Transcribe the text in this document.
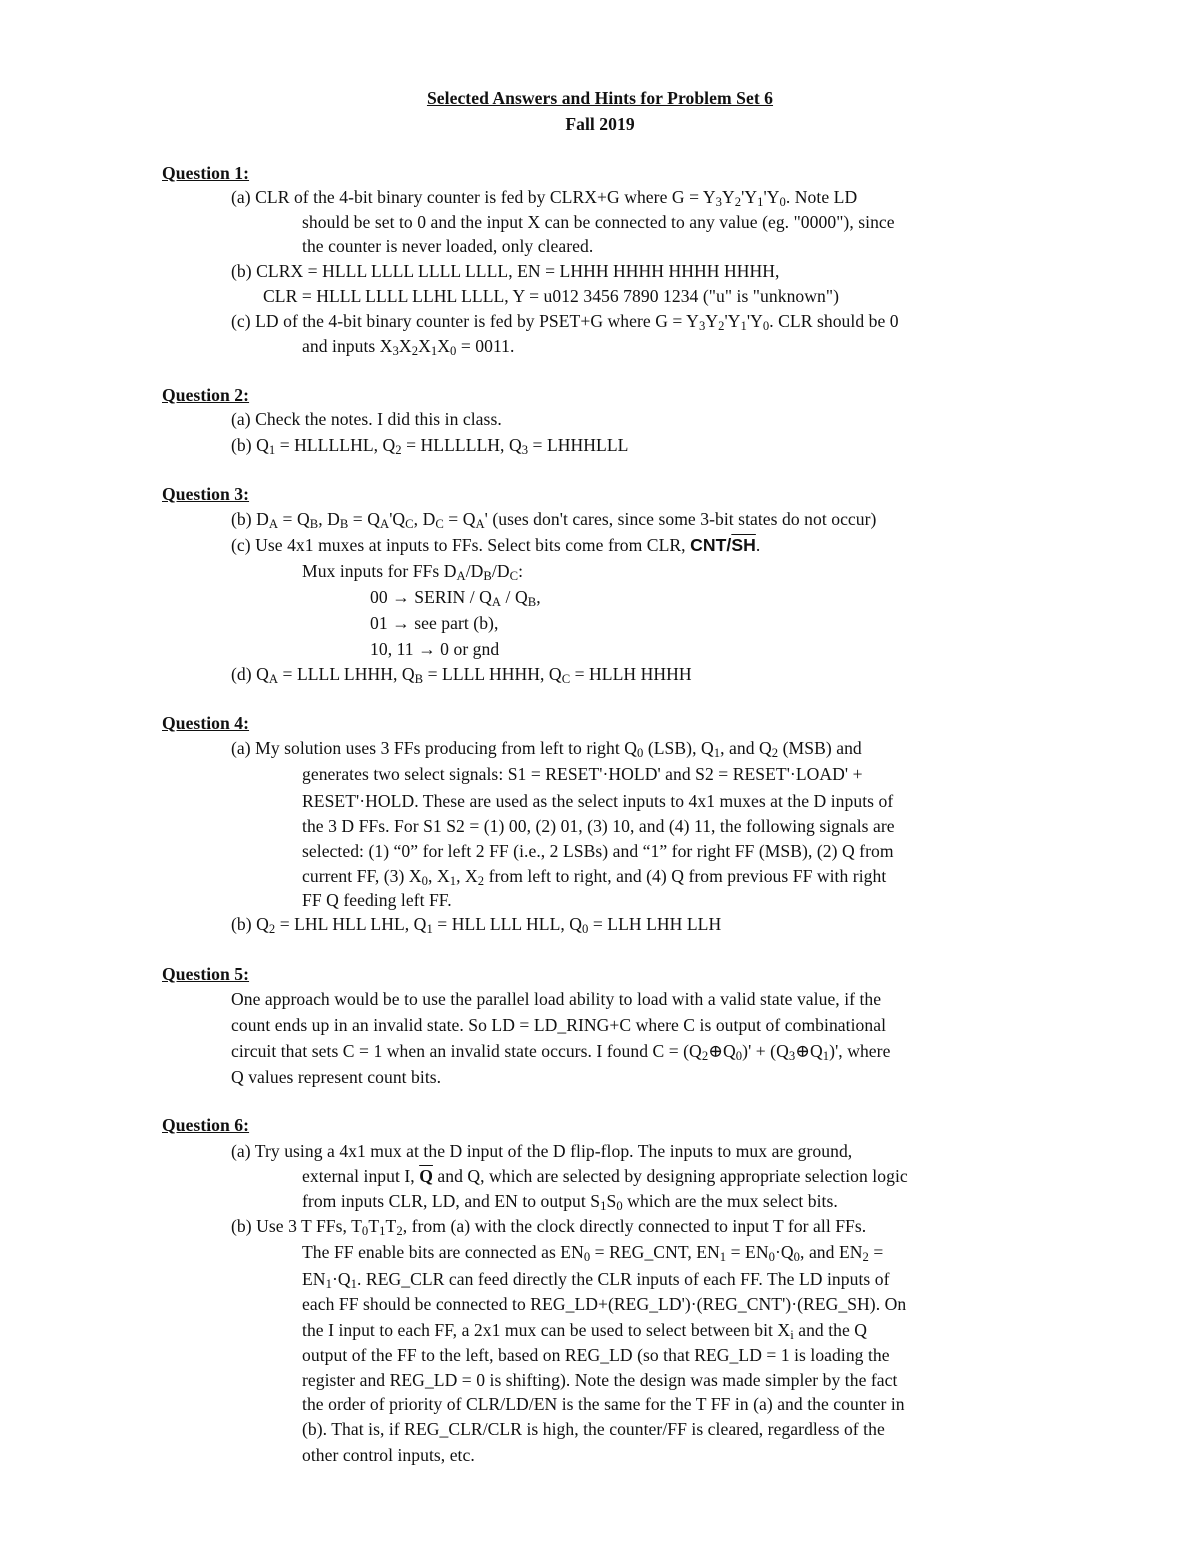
Selected Answers and Hints for Problem Set 6
Fall 2019
Question 1:
(a) CLR of the 4-bit binary counter is fed by CLRX+G where $G = Y_3Y_2'Y_1'Y_0$. Note LD
should be set to 0 and the input X can be connected to any value (eg. "0000"), since
the counter is never loaded, only cleared.
(b) CLRX = HLLL LLLL LLLL LLLL, EN = LHHH HHHH HHHH HHHH,
CLR = HLLL LLLL LLHL LLLL, Y = u012 3456 7890 1234 ("u" is "unknown")
(c) LD of the 4-bit binary counter is fed by PSET+G where $G = Y_3Y_2'Y_1'Y_0$. CLR should be 0
and inputs $X_3X_2X_1X_0 = 0011$.
Question 2:
(a) Check the notes. I did this in class.
(b) $Q_1$ = HLLLLHL, $Q_2$ = HLLLLLH, $Q_3$ = LHHHLLL
Question 3:
(b) $D_A = Q_B$, $D_B = Q_A'Q_C$, $D_C = Q_A'$ (uses don't cares, since some 3-bit states do not occur)
(c) Use 4x1 muxes at inputs to FFs. Select bits come from CLR, CNT/$\overline{SH}$.
Mux inputs for FFs $D_A/D_B/D_C$:
00 → SERIN / $Q_A / Q_B$,
01 → see part (b),
10, 11 → 0 or gnd
(d) $Q_A$ = LLLL LHHH, $Q_B$ = LLLL HHHH, $Q_C$ = HLLH HHHH
Question 4:
(a) My solution uses 3 FFs producing from left to right $Q_0$ (LSB), $Q_1$, and $Q_2$ (MSB) and
generates two select signals: S1 = RESET'·HOLD' and S2 = RESET'·LOAD' +
RESET'·HOLD. These are used as the select inputs to 4x1 muxes at the D inputs of
the 3 D FFs. For S1 S2 = (1) 00, (2) 01, (3) 10, and (4) 11, the following signals are
selected: (1) “0” for left 2 FF (i.e., 2 LSBs) and “1” for right FF (MSB), (2) Q from
current FF, (3) $X_0$, $X_1$, $X_2$ from left to right, and (4) Q from previous FF with right
FF Q feeding left FF.
(b) $Q_2$ = LHL HLL LHL, $Q_1$ = HLL LLL HLL, $Q_0$ = LLH LHH LLH
Question 5:
One approach would be to use the parallel load ability to load with a valid state value, if the
count ends up in an invalid state. So LD = LD_RING+C where C is output of combinational
circuit that sets C = 1 when an invalid state occurs. I found $C = (Q_2\oplus Q_0)'$ + $(Q_3\oplus Q_1)'$, where
Q values represent count bits.
Question 6:
(a) Try using a 4x1 mux at the D input of the D flip-flop. The inputs to mux are ground,
external input I, $\overline{Q}$ and Q, which are selected by designing appropriate selection logic
from inputs CLR, LD, and EN to output $S_1S_0$ which are the mux select bits.
(b) Use 3 T FFs, $T_0T_1T_2$, from (a) with the clock directly connected to input T for all FFs.
The FF enable bits are connected as $EN_0$ = REG_CNT, $EN_1 = EN_0\cdot Q_0$, and $EN_2$ =
$EN_1\cdot Q_1$. REG_CLR can feed directly the CLR inputs of each FF. The LD inputs of
each FF should be connected to REG_LD+(REG_LD')·(REG_CNT')·(REG_SH). On
the I input to each FF, a 2x1 mux can be used to select between bit $X_i$ and the Q
output of the FF to the left, based on REG_LD (so that REG_LD = 1 is loading the
register and REG_LD = 0 is shifting). Note the design was made simpler by the fact
the order of priority of CLR/LD/EN is the same for the T FF in (a) and the counter in
(b). That is, if REG_CLR/CLR is high, the counter/FF is cleared, regardless of the
other control inputs, etc.
